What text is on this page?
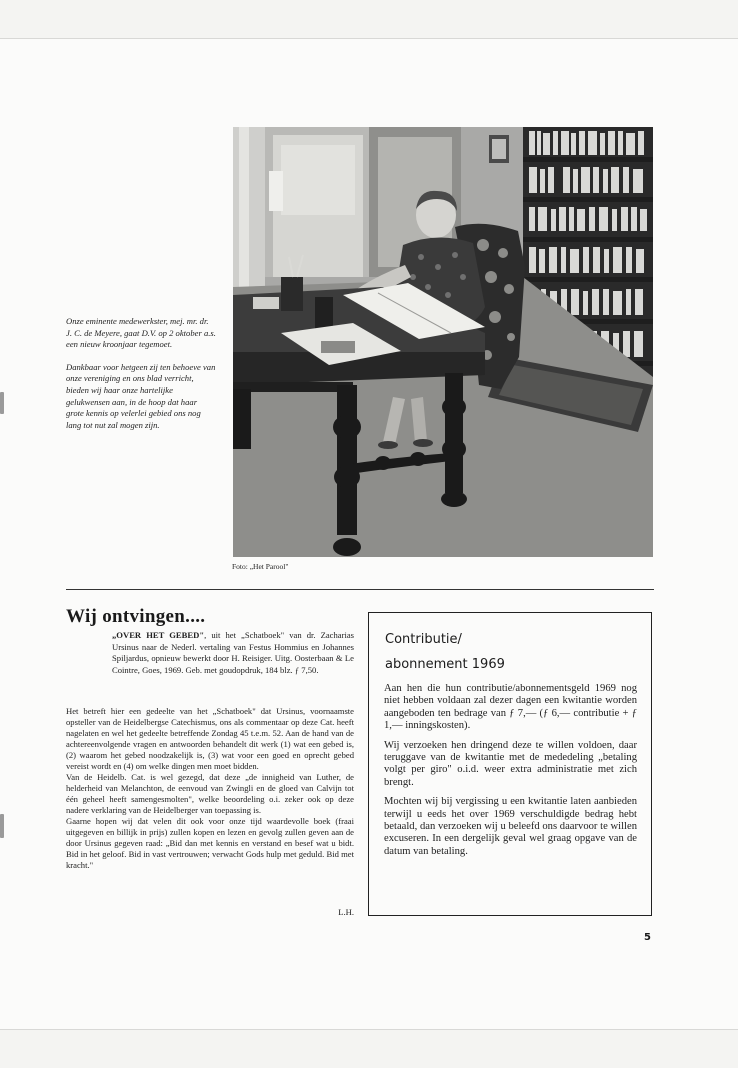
Foto: „Het Parool"

Onze eminente medewerkster, mej. mr. dr. J. C. de Meyere, gaat D.V. op 2 oktober a.s. een nieuw kroonjaar tegemoet.

Dankbaar voor hetgeen zij ten behoeve van onze vereniging en ons blad verricht, bieden wij haar onze hartelijke gelukwensen aan, in de hoop dat haar grote kennis op velerlei gebied ons nog lang tot nut zal mogen zijn.

Wij ontvingen....
„OVER HET GEBED", uit het „Schatboek" van dr. Zacharias Ursinus naar de Nederl. vertaling van Festus Hommius en Johannes Spiljardus, opnieuw bewerkt door H. Reisiger. Uitg. Oosterbaan & Le Cointre, Goes, 1969. Geb. met goudopdruk, 184 blz. ƒ 7,50.

Het betreft hier een gedeelte van het „Schatboek" dat Ursinus, voornaamste opsteller van de Heidelbergse Catechismus, ons als commentaar op deze Cat. heeft nagelaten en wel het gedeelte betreffende Zondag 45 t.e.m. 52. Aan de hand van de achtereenvolgende vragen en antwoorden behandelt dit werk (1) wat een gebed is, (2) waarom het gebed noodzakelijk is, (3) wat voor een goed en oprecht gebed vereist wordt en (4) om welke dingen men moet bidden.

Van de Heidelb. Cat. is wel gezegd, dat deze „de innigheid van Luther, de helderheid van Melanchton, de eenvoud van Zwingli en de gloed van Calvijn tot één geheel heeft samengesmolten", welke beoordeling o.i. zeker ook op deze nadere verklaring van de Heidelberger van toepassing is.

Gaarne hopen wij dat velen dit ook voor onze tijd waardevolle boek (fraai uitgegeven en billijk in prijs) zullen kopen en lezen en gevolg zullen geven aan de door Ursinus gegeven raad: „Bid dan met kennis en verstand en besef wat u bidt. Bid in het geloof. Bid in vast vertrouwen; verwacht Gods hulp met geduld. Bid met kracht."

L.H.
Contributie/
abonnement 1969

Aan hen die hun contributie/abonnementsgeld 1969 nog niet hebben voldaan zal dezer dagen een kwitantie worden aangeboden ten bedrage van ƒ 7,— (ƒ 6,— contributie + ƒ 1,— inningskosten).

Wij verzoeken hen dringend deze te willen voldoen, daar teruggave van de kwitantie met de mededeling „betaling volgt per giro" o.i.d. weer extra administratie met zich brengt.

Mochten wij bij vergissing u een kwitantie laten aanbieden terwijl u eeds het over 1969 verschuldigde bedrag hebt betaald, dan verzoeken wij u beleefd ons daarvoor te willen excuseren. In een dergelijk geval wel graag opgave van de datum van betaling.

5
